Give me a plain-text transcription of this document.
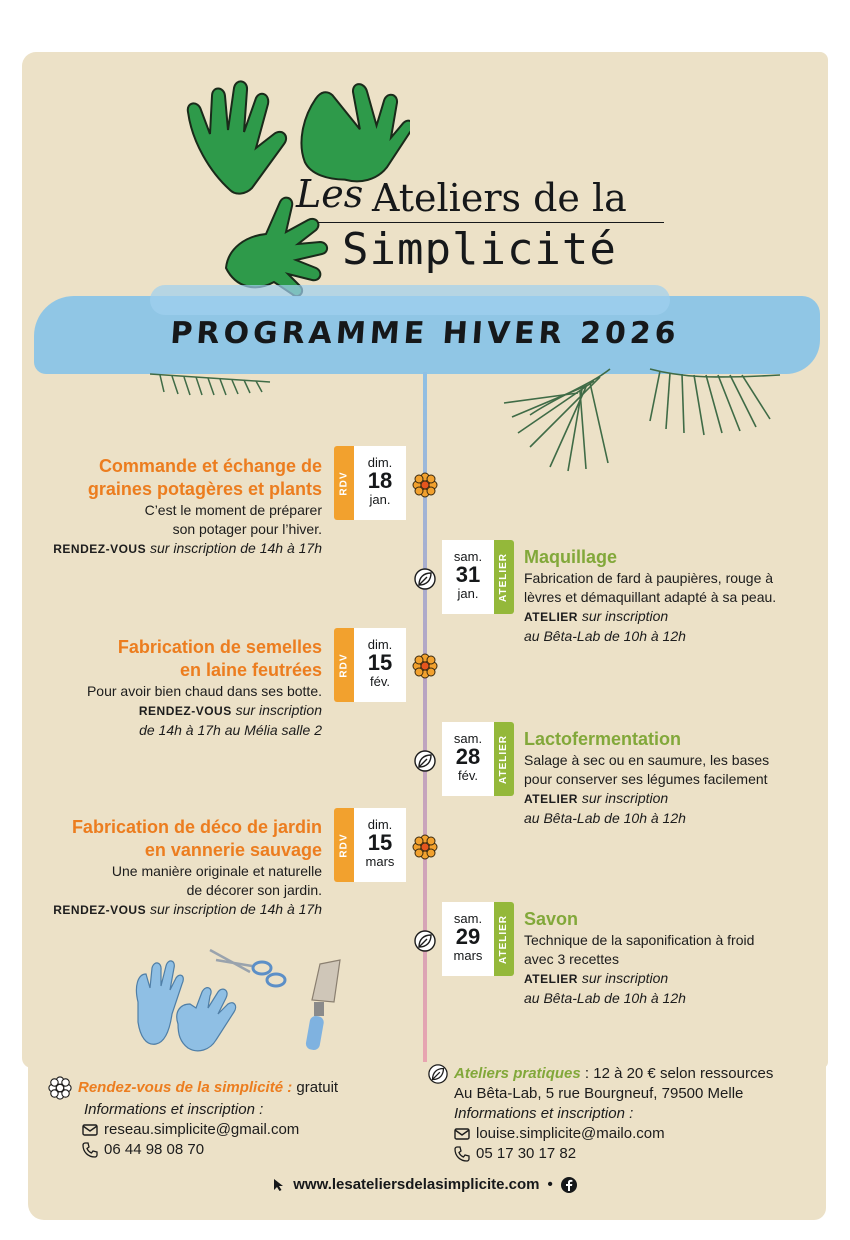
Les Ateliers de la
Simplicité
PROGRAMME HIVER 2026
RDV
dim.
18
jan.
Commande et échange de
graines potagères et plants
C’est le moment de préparer
son potager pour l’hiver.
RENDEZ-VOUS sur inscription de 14h à 17h
RDV
dim.
15
fév.
Fabrication de semelles
en laine feutrées
Pour avoir bien chaud dans ses botte.
RENDEZ-VOUS sur inscription
de 14h à 17h au Mélia salle 2
RDV
dim.
15
mars
Fabrication de déco de jardin
en vannerie sauvage
Une manière originale et naturelle
de décorer son jardin.
RENDEZ-VOUS sur inscription de 14h à 17h
sam.
31
jan.	ATELIER Maquillage
Fabrication de fard à paupières, rouge à
lèvres et démaquillant adapté à sa peau.
ATELIER sur inscription
au Bêta-Lab de 10h à 12h
sam.
28
fév.	ATELIER Lactofermentation
Salage à sec ou en saumure, les bases
pour conserver ses légumes facilement
ATELIER sur inscription
au Bêta-Lab de 10h à 12h
sam.
29
mars	ATELIER Savon
Technique de la saponification à froid
avec 3 recettes
ATELIER sur inscription
au Bêta-Lab de 10h à 12h
Rendez-vous de la simplicité : gratuit
Informations et inscription :
reseau.simplicite@gmail.com
06 44 98 08 70
Ateliers pratiques : 12 à 20 € selon ressources
Au Bêta-Lab, 5 rue Bourgneuf, 79500 Melle
Informations et inscription :
louise.simplicite@mailo.com
05 17 30 17 82
www.lesateliersdelasimplicite.com •
